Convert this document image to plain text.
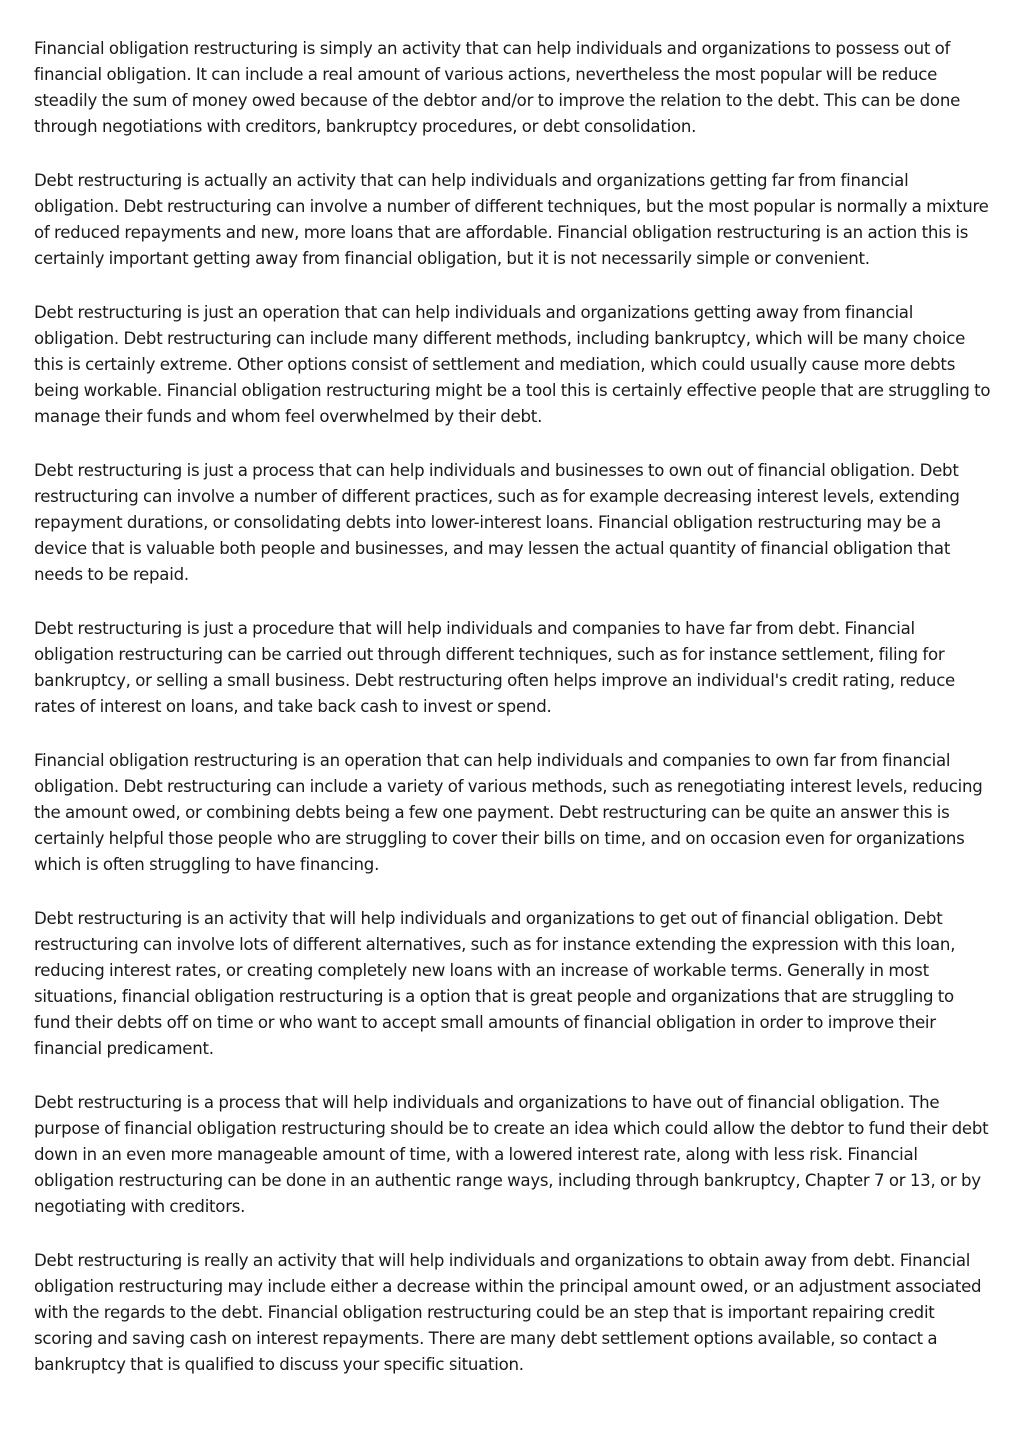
Financial obligation restructuring is simply an activity that can help individuals and organizations to possess out of financial obligation. It can include a real amount of various actions, nevertheless the most popular will be reduce steadily the sum of money owed because of the debtor and/or to improve the relation to the debt. This can be done through negotiations with creditors, bankruptcy procedures, or debt consolidation.

Debt restructuring is actually an activity that can help individuals and organizations getting far from financial obligation. Debt restructuring can involve a number of different techniques, but the most popular is normally a mixture of reduced repayments and new, more loans that are affordable. Financial obligation restructuring is an action this is certainly important getting away from financial obligation, but it is not necessarily simple or convenient.

Debt restructuring is just an operation that can help individuals and organizations getting away from financial obligation. Debt restructuring can include many different methods, including bankruptcy, which will be many choice this is certainly extreme. Other options consist of settlement and mediation, which could usually cause more debts being workable. Financial obligation restructuring might be a tool this is certainly effective people that are struggling to manage their funds and whom feel overwhelmed by their debt.

Debt restructuring is just a process that can help individuals and businesses to own out of financial obligation. Debt restructuring can involve a number of different practices, such as for example decreasing interest levels, extending repayment durations, or consolidating debts into lower-interest loans. Financial obligation restructuring may be a device that is valuable both people and businesses, and may lessen the actual quantity of financial obligation that needs to be repaid.

Debt restructuring is just a procedure that will help individuals and companies to have far from debt. Financial obligation restructuring can be carried out through different techniques, such as for instance settlement, filing for bankruptcy, or selling a small business. Debt restructuring often helps improve an individual's credit rating, reduce rates of interest on loans, and take back cash to invest or spend.

Financial obligation restructuring is an operation that can help individuals and companies to own far from financial obligation. Debt restructuring can include a variety of various methods, such as renegotiating interest levels, reducing the amount owed, or combining debts being a few one payment. Debt restructuring can be quite an answer this is certainly helpful those people who are struggling to cover their bills on time, and on occasion even for organizations which is often struggling to have financing.

Debt restructuring is an activity that will help individuals and organizations to get out of financial obligation. Debt restructuring can involve lots of different alternatives, such as for instance extending the expression with this loan, reducing interest rates, or creating completely new loans with an increase of workable terms. Generally in most situations, financial obligation restructuring is a option that is great people and organizations that are struggling to fund their debts off on time or who want to accept small amounts of financial obligation in order to improve their financial predicament.

Debt restructuring is a process that will help individuals and organizations to have out of financial obligation. The purpose of financial obligation restructuring should be to create an idea which could allow the debtor to fund their debt down in an even more manageable amount of time, with a lowered interest rate, along with less risk. Financial obligation restructuring can be done in an authentic range ways, including through bankruptcy, Chapter 7 or 13, or by negotiating with creditors.

Debt restructuring is really an activity that will help individuals and organizations to obtain away from debt. Financial obligation restructuring may include either a decrease within the principal amount owed, or an adjustment associated with the regards to the debt. Financial obligation restructuring could be an step that is important repairing credit scoring and saving cash on interest repayments. There are many debt settlement options available, so contact a bankruptcy that is qualified to discuss your specific situation.
